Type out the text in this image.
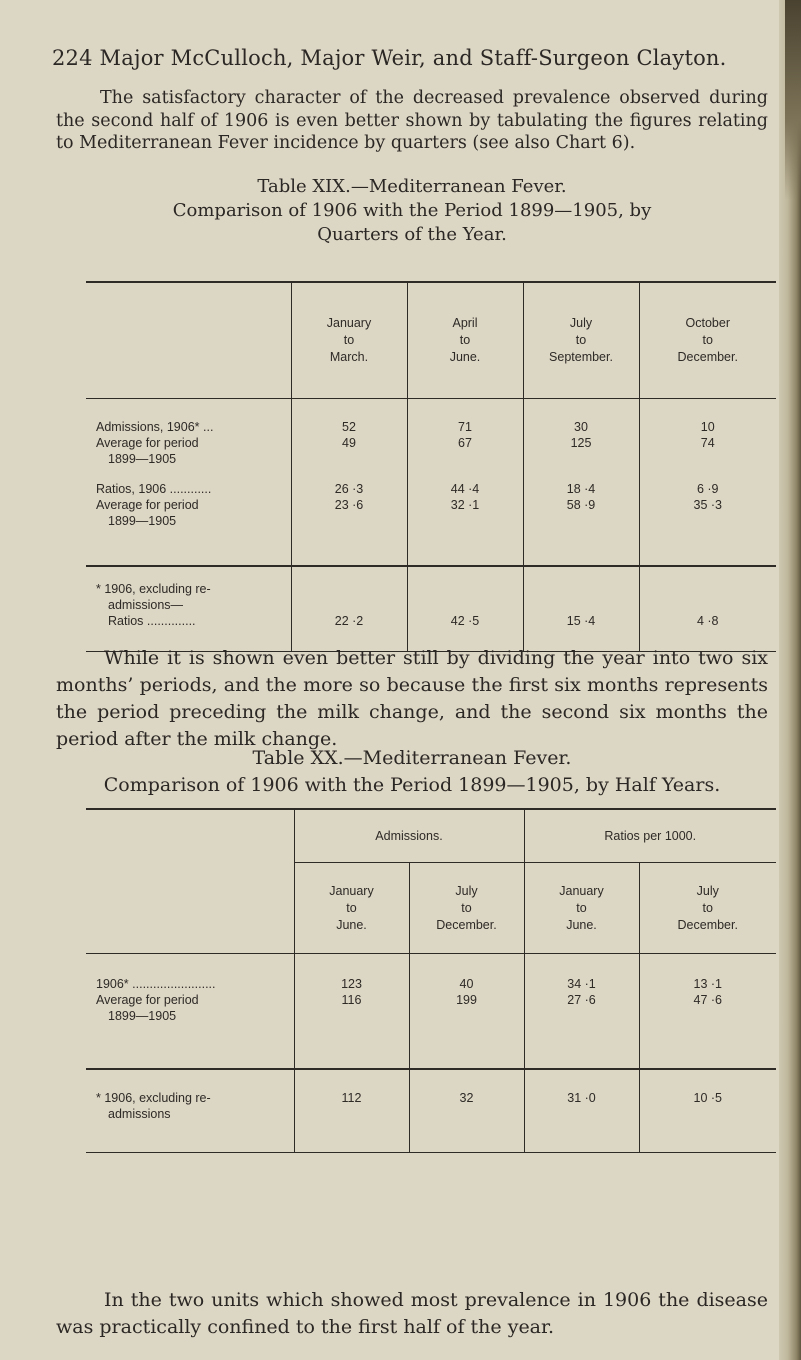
224 Major McCulloch, Major Weir, and Staff-Surgeon Clayton.
The satisfactory character of the decreased prevalence observed during the second half of 1906 is even better shown by tabulating the figures relating to Mediterranean Fever incidence by quarters (see also Chart 6).
Table XIX.—Mediterranean Fever.
Comparison of 1906 with the Period 1899—1905, by Quarters of the Year.
	January
to
March.	April
to
June.	July
to
September.	October
to
December.
Admissions, 1906* ...	52	71	30	10
Average for period
1899—1905	49	67	125	74
Ratios, 1906 ............	26 ·3	44 ·4	18 ·4	6 ·9
Average for period
1899—1905	23 ·6	32 ·1	58 ·9	35 ·3
* 1906, excluding re-
admissions—
Ratios ..............	22 ·2	42 ·5	15 ·4	4 ·8
While it is shown even better still by dividing the year into two six months’ periods, and the more so because the first six months represents the period preceding the milk change, and the second six months the period after the milk change.
Table XX.—Mediterranean Fever.
Comparison of 1906 with the Period 1899—1905, by Half Years.
	Admissions.		Ratios per 1000.	
	January
to
June.	July
to
December.	January
to
June.	July
to
December.
1906* ........................	123	40	34 ·1	13 ·1
Average for period
1899—1905	116	199	27 ·6	47 ·6
* 1906, excluding re-
admissions	112	32	31 ·0	10 ·5
In the two units which showed most prevalence in 1906 the disease was practically confined to the first half of the year.
